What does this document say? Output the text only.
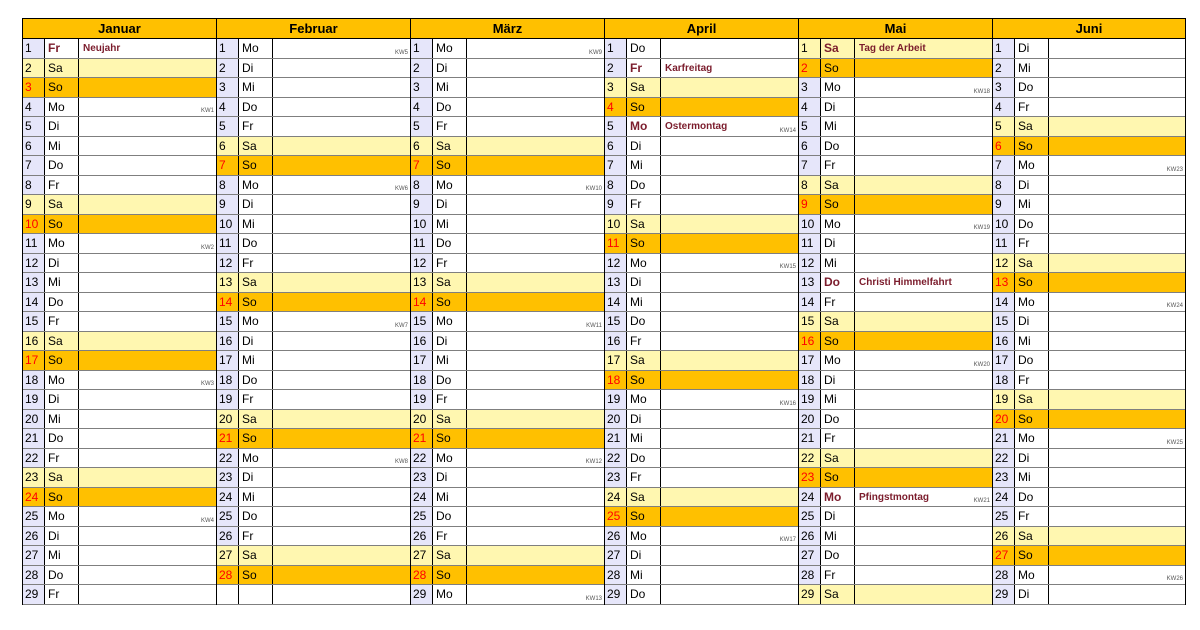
Januar
1	Fr	Neujahr
2	Sa
3	So
4	Mo	KW1
5	Di
6	Mi
7	Do
8	Fr
9	Sa
10 So
11 Mo	KW2
12 Di
13 Mi
14 Do
15 Fr
16 Sa
17 So
18 Mo	KW3
19 Di
20 Mi
21 Do
22 Fr
23 Sa
24 So
25 Mo	KW4
26 Di
27 Mi
28 Do
29 Fr
Februar
1	Mo	KW5
2	Di
3	Mi
4	Do
5	Fr
6	Sa
7	So
8	Mo	KW6
9	Di
10 Mi
11 Do
12 Fr
13 Sa
14 So
15 Mo	KW7
16 Di
17 Mi
18 Do
19 Fr
20 Sa
21 So
22 Mo	KW8
23 Di
24 Mi
25 Do
26 Fr
27 Sa
28 So
März
1	Mo	KW9
2	Di
3	Mi
4	Do
5	Fr
6	Sa
7	So
8	Mo	KW10
9	Di
10 Mi
11 Do
12 Fr
13 Sa
14 So
15 Mo	KW11
16 Di
17 Mi
18 Do
19 Fr
20 Sa
21 So
22 Mo	KW12
23 Di
24 Mi
25 Do
26 Fr
27 Sa
28 So
29 Mo	KW13
April
1	Do
2	Fr	Karfreitag
3	Sa
4	So
5	Mo	Ostermontag	KW14
6	Di
7	Mi
8	Do
9	Fr
10 Sa
11 So
12 Mo	KW15
13 Di
14 Mi
15 Do
16 Fr
17 Sa
18 So
19 Mo	KW16
20 Di
21 Mi
22 Do
23 Fr
24 Sa
25 So
26 Mo	KW17
27 Di
28 Mi
29 Do
Mai
1	Sa	Tag der Arbeit
2	So
3	Mo	KW18
4	Di
5	Mi
6	Do
7	Fr
8	Sa
9	So
10 Mo	KW19
11 Di
12 Mi
13 Do	Christi Himmelfahrt
14 Fr
15 Sa
16 So
17 Mo	KW20
18 Di
19 Mi
20 Do
21 Fr
22 Sa
23 So
24 Mo	Pfingstmontag	KW21
25 Di
26 Mi
27 Do
28 Fr
29 Sa
Juni
1	Di
2	Mi
3	Do
4	Fr
5	Sa
6	So
7	Mo	KW23
8	Di
9	Mi
10 Do
11 Fr
12 Sa
13 So
14 Mo	KW24
15 Di
16 Mi
17 Do
18 Fr
19 Sa
20 So
21 Mo	KW25
22 Di
23 Mi
24 Do
25 Fr
26 Sa
27 So
28 Mo	KW26
29 Di
